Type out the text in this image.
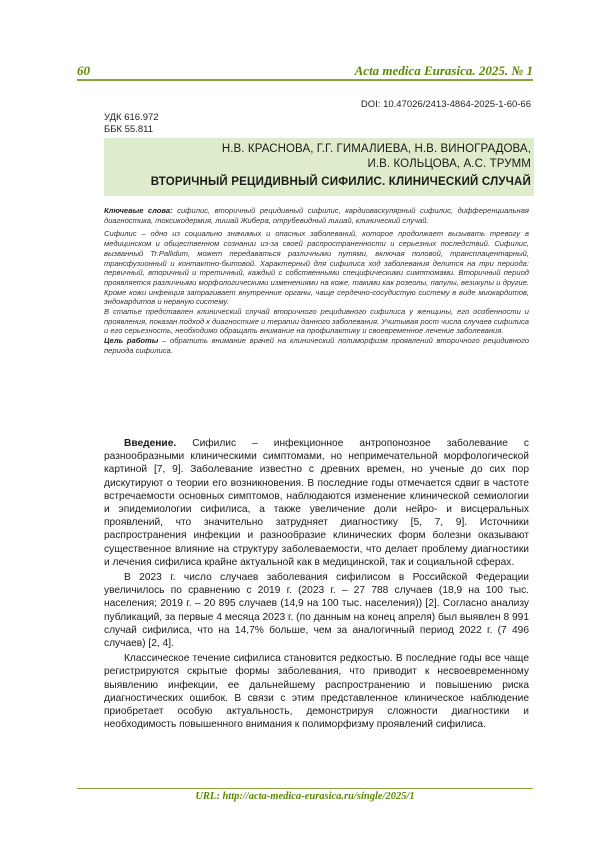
60	Acta medica Eurasica. 2025. № 1
DOI: 10.47026/2413-4864-2025-1-60-66
УДК 616.972
ББК 55.811
Н.В. КРАСНОВА, Г.Г. ГИМАЛИЕВА, Н.В. ВИНОГРАДОВА,
И.В. КОЛЬЦОВА, А.С. ТРУММ
ВТОРИЧНЫЙ РЕЦИДИВНЫЙ СИФИЛИС. КЛИНИЧЕСКИЙ СЛУЧАЙ

Ключевые слова: сифилис, вторичный рецидивный сифилис, кардиоваскулярный сифилис, дифференциальная диагностика, токсикодермия, лишай Жибера, отрубевидный лишай, клинический случай.

Сифилис – одно из социально значимых и опасных заболеваний, которое продолжает вызывать тревогу в медицинском и общественном сознании из-за своей распространенности и серьезных последствий. Сифилис, вызванный Tr.Pallidum, может передаваться различными путями, включая половой, трансплацентарный, трансфузионный и контактно-бытовой. Характерный для сифилиса ход заболевания делится на три периода: первичный, вторичный и третичный, каждый с собственными специфическими симптомами. Вторичный период проявляется различными морфологическими изменениями на коже, такими как розеолы, папулы, везикулы и другие. Кроме кожи инфекция затрагивает внутренние органы, чаще сердечно-сосудистую систему в виде миокардитов, эндокардитов и нервную систему.

В статье представлен клинический случай вторичного рецидивного сифилиса у женщины, его особенности и проявления, показан подход к диагностике и терапии данного заболевания. Учитывая рост числа случаев сифилиса и его серьезность, необходимо обращать внимание на профилактику и своевременное лечение заболевания.

Цель работы – обратить внимание врачей на клинический полиморфизм проявлений вторичного рецидивного периода сифилиса.

Введение. Сифилис – инфекционное антропонозное заболевание с разнообразными клиническими симптомами, но непримечательной морфологической картиной [7, 9]. Заболевание известно с древних времен, но ученые до сих пор дискутируют о теории его возникновения. В последние годы отмечается сдвиг в частоте встречаемости основных симптомов, наблюдаются изменение клинической семиологии и эпидемиологии сифилиса, а также увеличение доли нейро- и висцеральных проявлений, что значительно затрудняет диагностику [5, 7, 9]. Источники распространения инфекции и разнообразие клинических форм болезни оказывают существенное влияние на структуру заболеваемости, что делает проблему диагностики и лечения сифилиса крайне актуальной как в медицинской, так и социальной сферах.

В 2023 г. число случаев заболевания сифилисом в Российской Федерации увеличилось по сравнению с 2019 г. (2023 г. – 27 788 случаев (18,9 на 100 тыс. населения; 2019 г. – 20 895 случаев (14,9 на 100 тыс. населения)) [2]. Согласно анализу публикаций, за первые 4 месяца 2023 г. (по данным на конец апреля) был выявлен 8 991 случай сифилиса, что на 14,7% больше, чем за аналогичный период 2022 г. (7 496 случаев) [2, 4].

Классическое течение сифилиса становится редкостью. В последние годы все чаще регистрируются скрытые формы заболевания, что приводит к несвоевременному выявлению инфекции, ее дальнейшему распространению и повышению риска диагностических ошибок. В связи с этим представленное клиническое наблюдение приобретает особую актуальность, демонстрируя сложности диагностики и необходимость повышенного внимания к полиморфизму проявлений сифилиса.

URL: http://acta-medica-eurasica.ru/single/2025/1
